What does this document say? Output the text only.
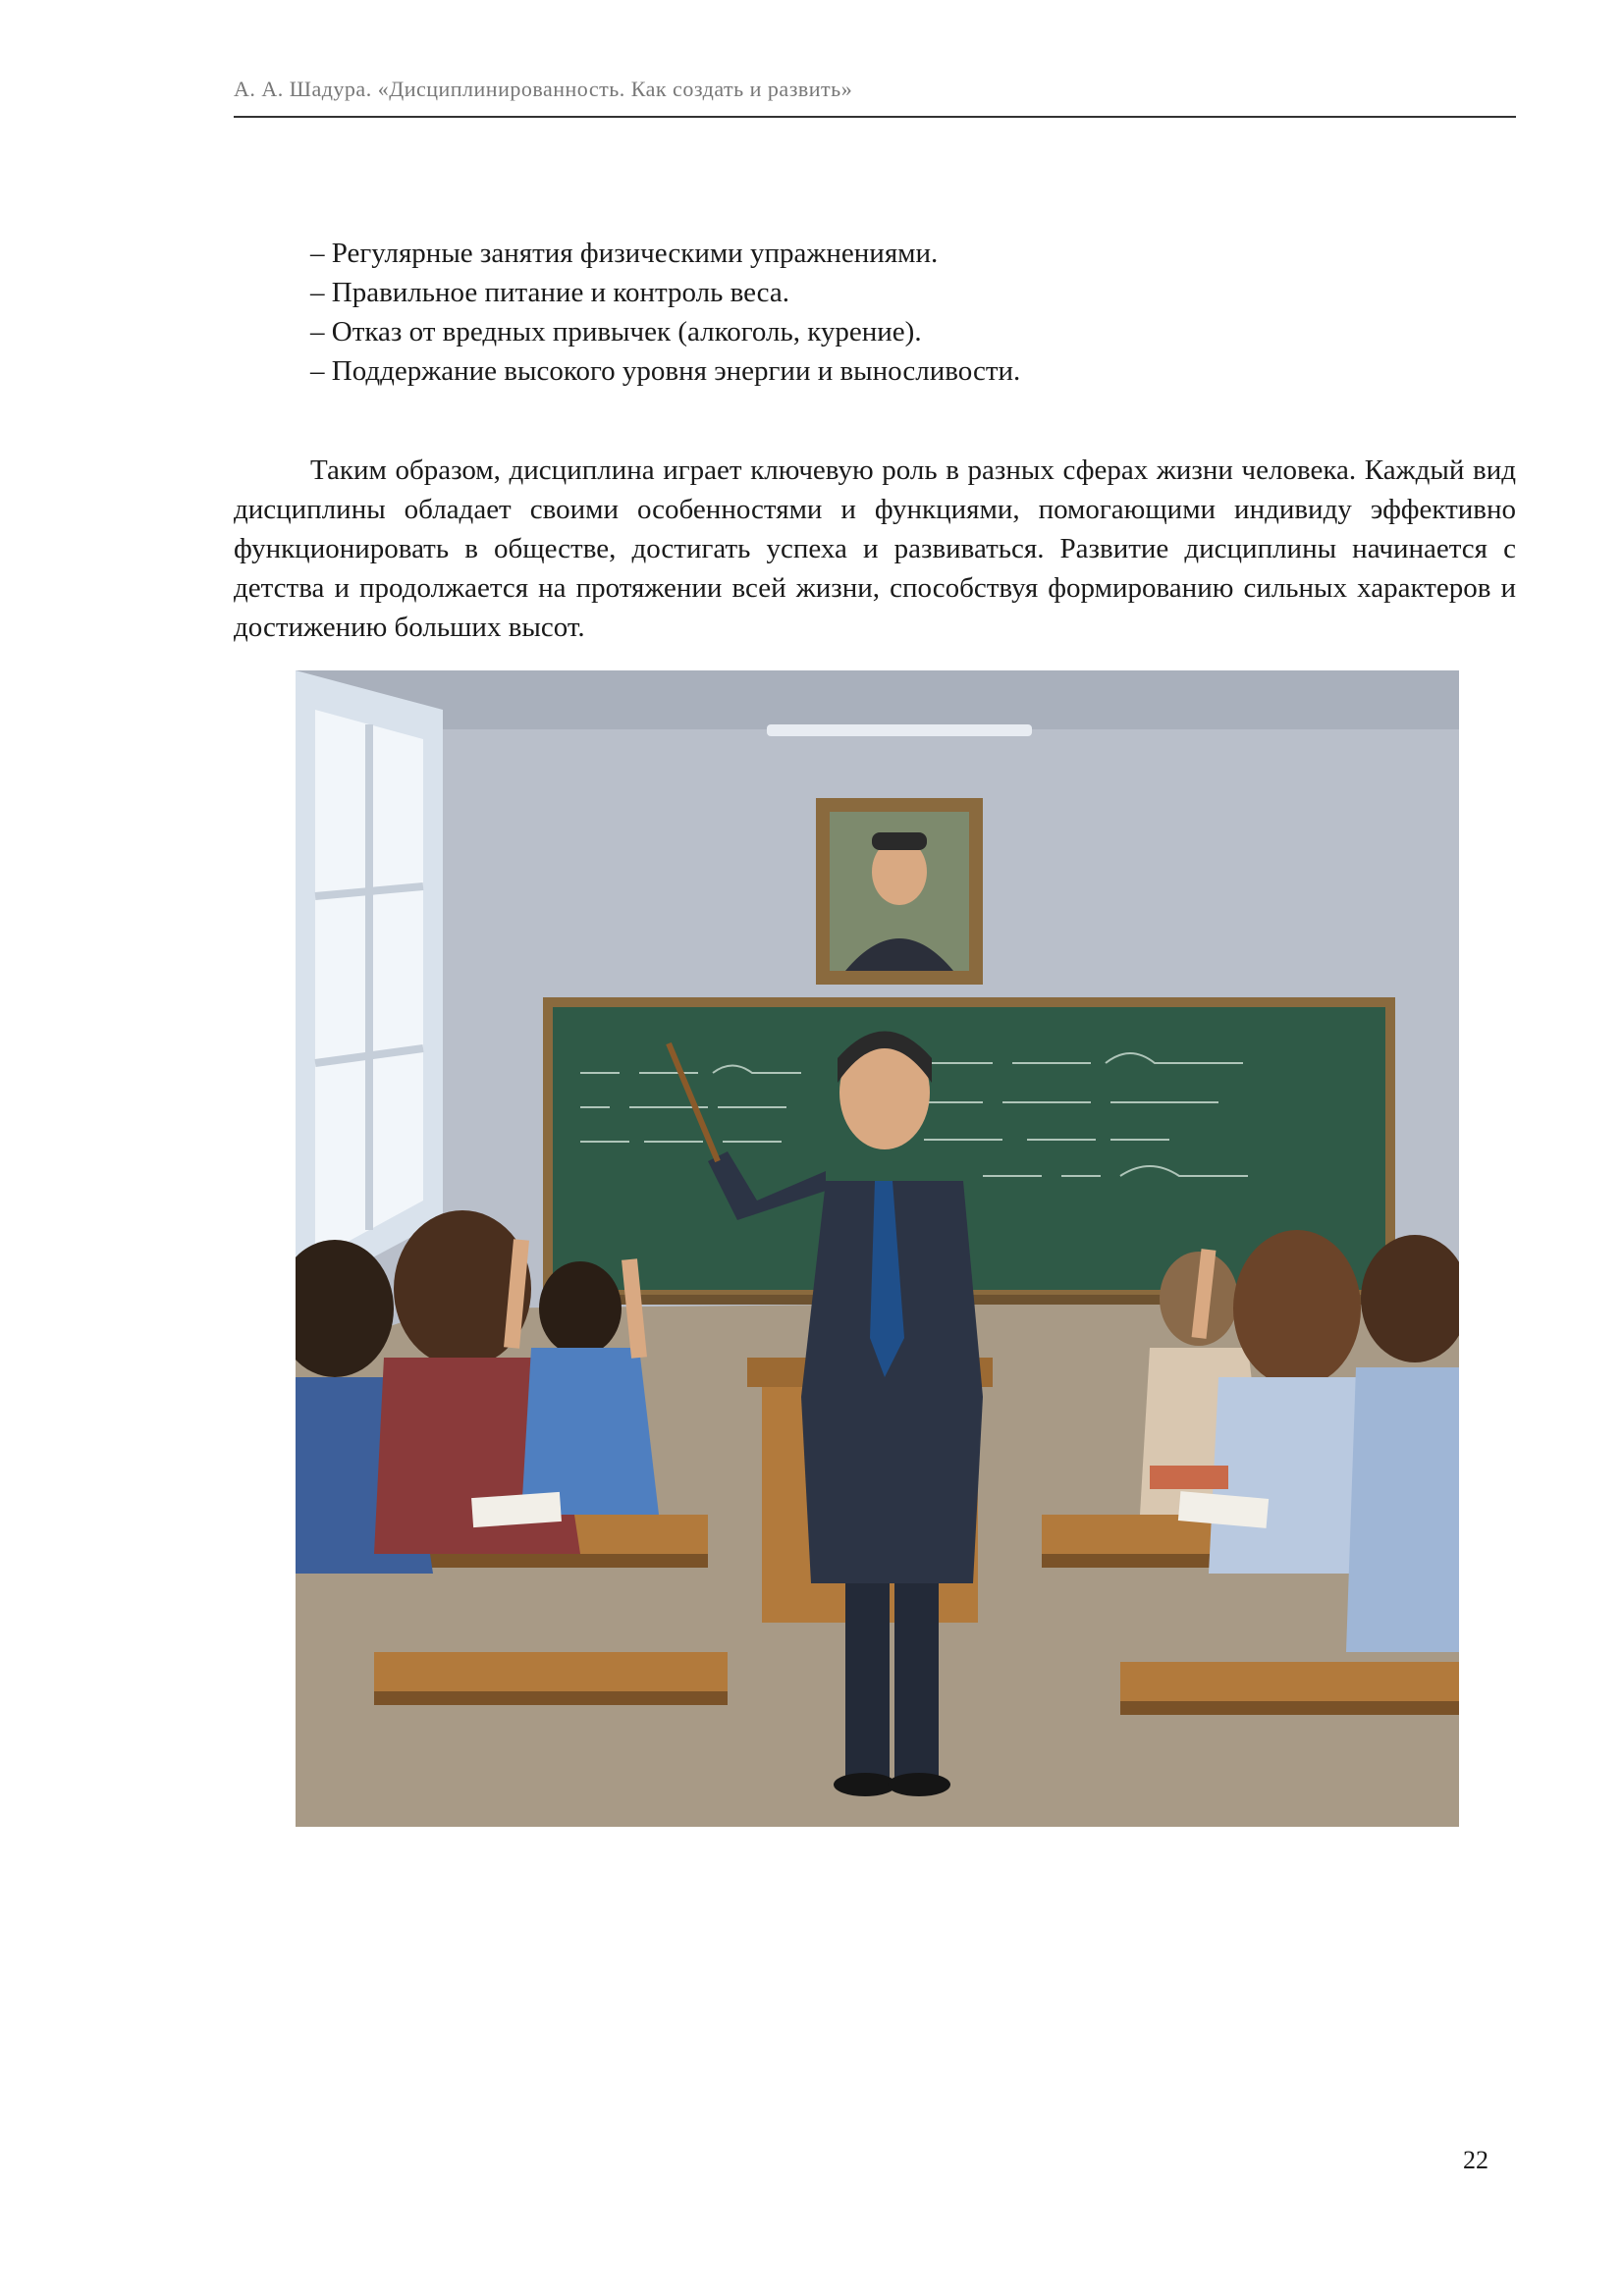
А. А. Шадура. «Дисциплинированность. Как создать и развить»
– Регулярные занятия физическими упражнениями.
– Правильное питание и контроль веса.
– Отказ от вредных привычек (алкоголь, курение).
– Поддержание высокого уровня энергии и выносливости.

Таким образом, дисциплина играет ключевую роль в разных сферах жизни человека. Каждый вид дисциплины обладает своими особенностями и функциями, помогающими индивиду эффективно функционировать в обществе, достигать успеха и развиваться. Развитие дисциплины начинается с детства и продолжается на протяжении всей жизни, способствуя формированию сильных характеров и достижению больших высот.

22
